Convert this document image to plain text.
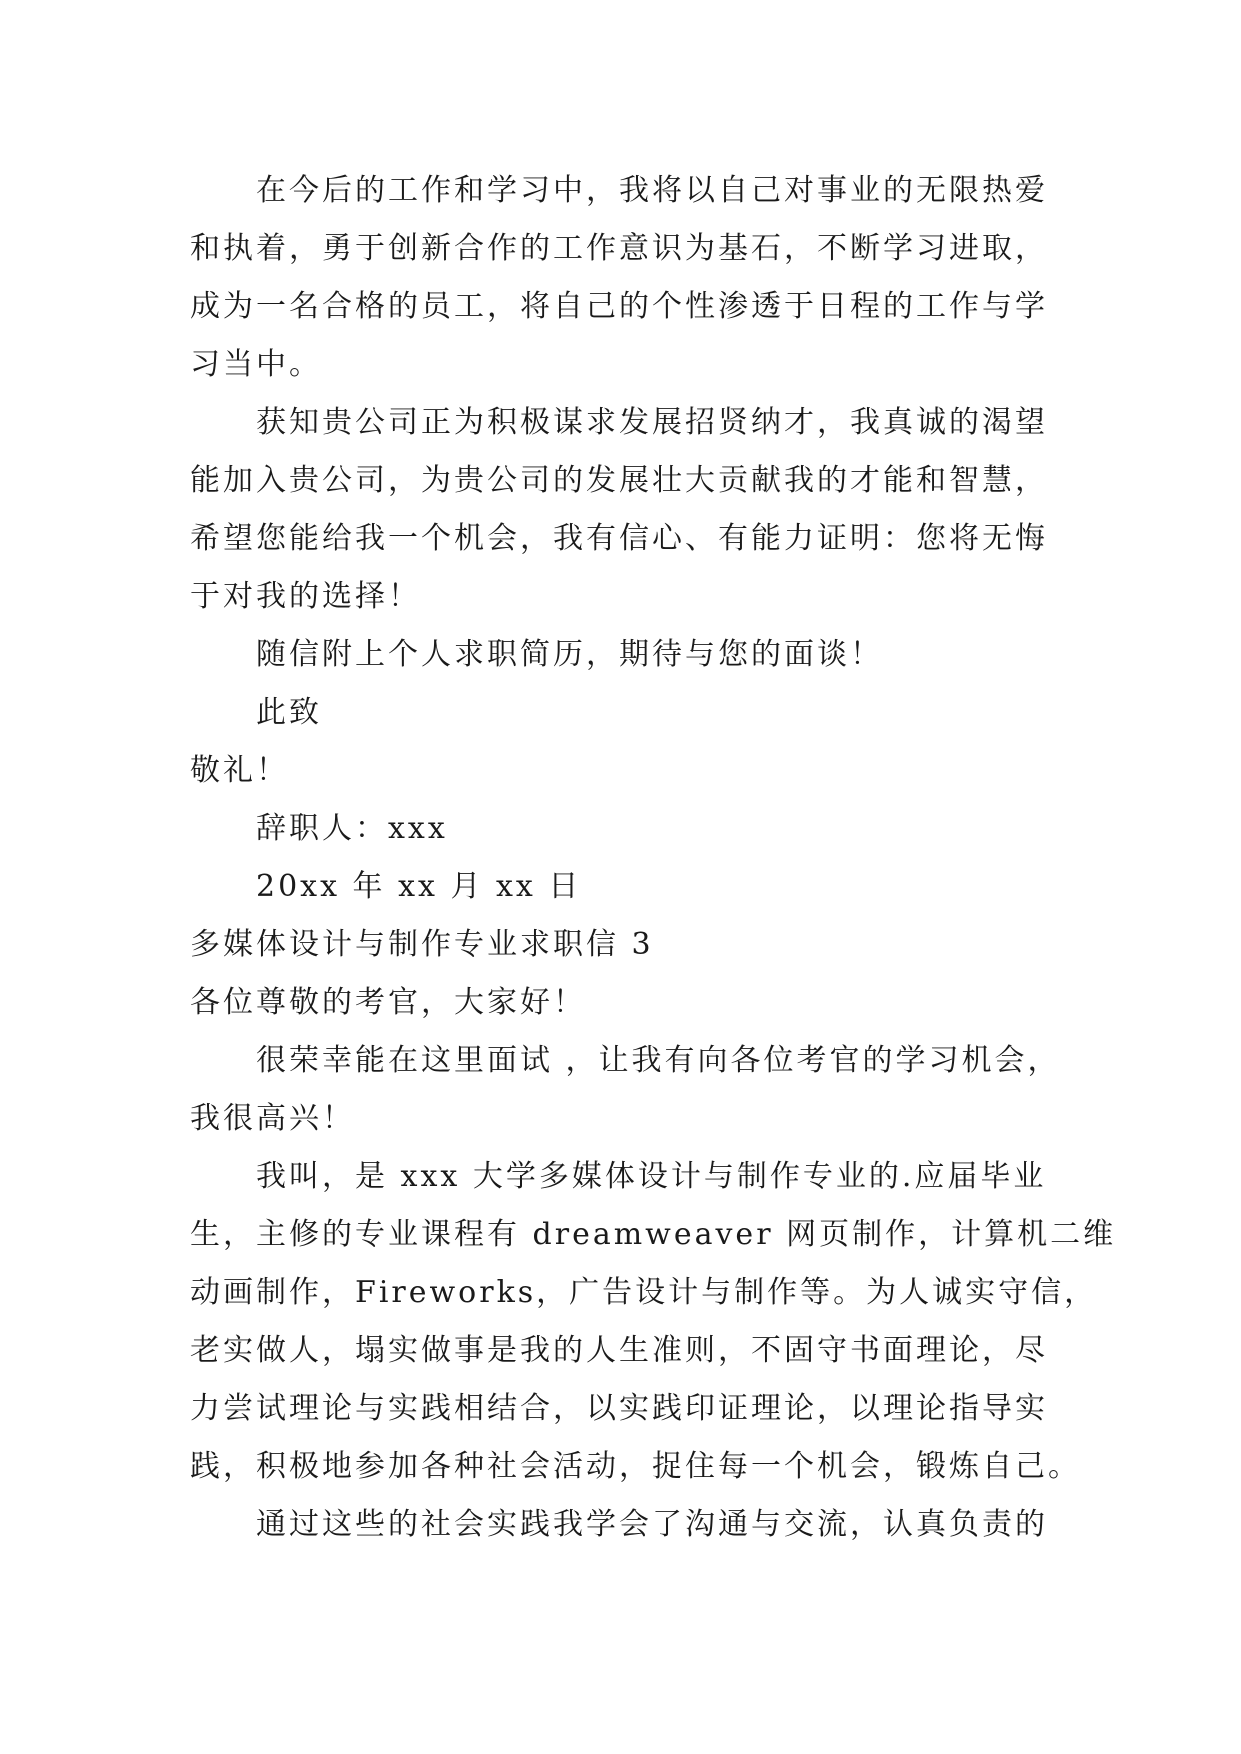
在今后的工作和学习中，我将以自己对事业的无限热爱
和执着，勇于创新合作的工作意识为基石，不断学习进取，
成为一名合格的员工，将自己的个性渗透于日程的工作与学
习当中。
获知贵公司正为积极谋求发展招贤纳才，我真诚的渴望
能加入贵公司，为贵公司的发展壮大贡献我的才能和智慧，
希望您能给我一个机会，我有信心、有能力证明：您将无悔
于对我的选择！
随信附上个人求职简历，期待与您的面谈！
此致
敬礼！
辞职人：xxx
20xx 年 xx 月 xx 日
多媒体设计与制作专业求职信 3
各位尊敬的考官，大家好！
很荣幸能在这里面试 ，让我有向各位考官的学习机会，
我很高兴！
我叫，是 xxx 大学多媒体设计与制作专业的.应届毕业
生，主修的专业课程有 dreamweaver 网页制作，计算机二维
动画制作，Fireworks，广告设计与制作等。为人诚实守信，
老实做人，塌实做事是我的人生准则，不固守书面理论，尽
力尝试理论与实践相结合，以实践印证理论，以理论指导实
践，积极地参加各种社会活动，捉住每一个机会，锻炼自己。
通过这些的社会实践我学会了沟通与交流，认真负责的
